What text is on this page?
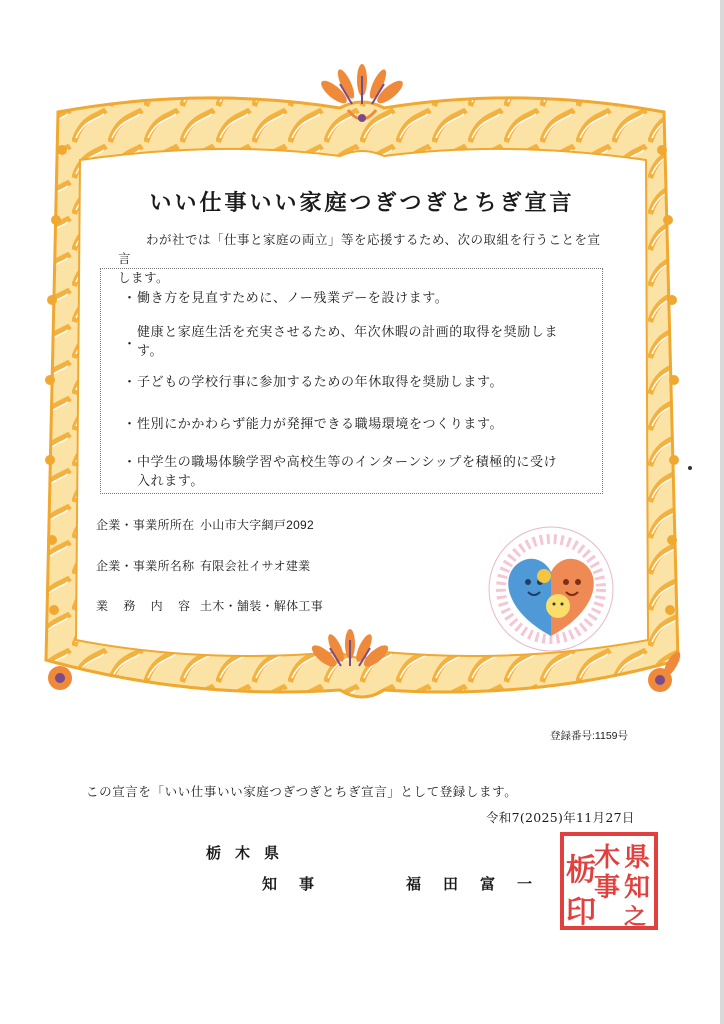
いい仕事いい家庭つぎつぎとちぎ宣言
わが社では「仕事と家庭の両立」等を応援するため、次の取組を行うことを宣言
します。
・ 働き方を見直すために、ノー残業デーを設けます。
・
健康と家庭生活を充実させるため、年次休暇の計画的取得を奨励しま
す。
・ 子どもの学校行事に参加するための年休取得を奨励します。
・ 性別にかかわらず能力が発揮できる職場環境をつくります。
・ 中学生の職場体験学習や高校生等のインターンシップを積極的に受け
入れます。
企業・事業所所在 小山市大字網戸2092
企業・事業所名称 有限会社イサオ建業
業 務 内 容 土木・舗装・解体工事
登録番号:1159号
この宣言を「いい仕事いい家庭つぎつぎとちぎ宣言」として登録します。
令和7(2025)年11月27日
栃木県
知事	福田富一
県
知
之
木
事
栃
印
